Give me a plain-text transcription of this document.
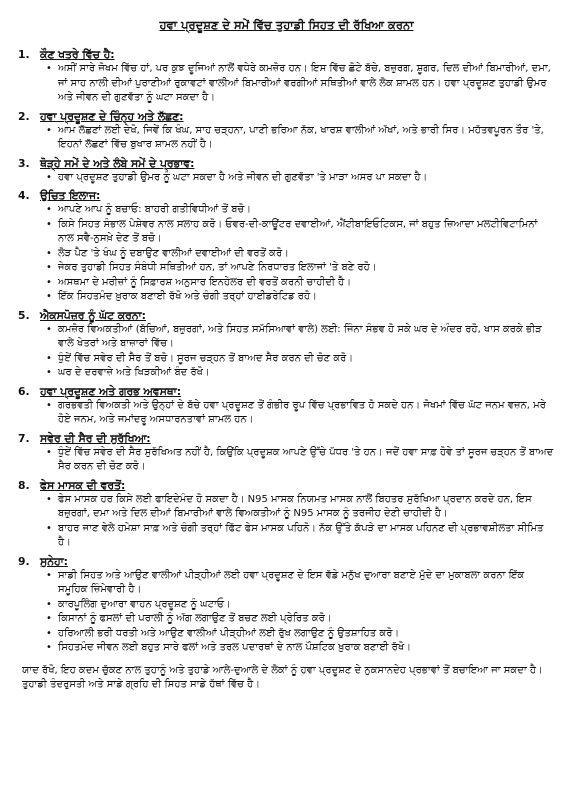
ਹਵਾ ਪ੍ਰਦੂਸ਼ਣ ਦੇ ਸਮੇਂ ਵਿੱਚ ਤੁਹਾਡੀ ਸਿਹਤ ਦੀ ਰੱਖਿਆ ਕਰਨਾ
1. ਕੌਣ ਖਤਰੇ ਵਿੱਚ ਹੈ:
• ਅਸੀਂ ਸਾਰੇ ਜੋਖਮ ਵਿੱਚ ਹਾਂ, ਪਰ ਕੁਝ ਦੂਜਿਆਂ ਨਾਲੋਂ ਵਧੇਰੇ ਕਮਜ਼ੋਰ ਹਨ। ਇਸ ਵਿੱਚ ਛੋਟੇ ਬੱਚੇ, ਬਜ਼ੁਰਗ, ਸ਼ੂਗਰ, ਦਿਲ ਦੀਆਂ ਬਿਮਾਰੀਆਂ, ਦਮਾ, ਜਾਂ ਸਾਹ ਨਾਲੀ ਦੀਆਂ ਪੁਰਾਣੀਆਂ ਰੁਕਾਵਟਾਂ ਵਾਲੀਆਂ ਬਿਮਾਰੀਆਂ ਵਰਗੀਆਂ ਸਥਿਤੀਆਂ ਵਾਲੇ ਲੋਕ ਸ਼ਾਮਲ ਹਨ। ਹਵਾ ਪ੍ਰਦੂਸ਼ਣ ਤੁਹਾਡੀ ਉਮਰ ਅਤੇ ਜੀਵਨ ਦੀ ਗੁਣਵੱਤਾ ਨੂੰ ਘਟਾ ਸਕਦਾ ਹੈ।
2. ਹਵਾ ਪ੍ਰਦੂਸ਼ਣ ਦੇ ਚਿੰਨ੍ਹ ਅਤੇ ਲੱਛਣ:
• ਆਮ ਲੱਛਣਾਂ ਲਈ ਦੇਖੋ, ਜਿਵੇਂ ਕਿ ਖੰਘ, ਸਾਹ ਚੜ੍ਹਨਾ, ਪਾਣੀ ਭਰਿਆ ਨੱਕ, ਖਾਰਸ਼ ਵਾਲੀਆਂ ਅੱਖਾਂ, ਅਤੇ ਭਾਰੀ ਸਿਰ। ਮਹੱਤਵਪੂਰਨ ਤੌਰ 'ਤੇ, ਇਹਨਾਂ ਲੱਛਣਾਂ ਵਿੱਚ ਬੁਖਾਰ ਸ਼ਾਮਲ ਨਹੀਂ ਹੈ।
3. ਥੋੜ੍ਹੇ ਸਮੇਂ ਦੇ ਅਤੇ ਲੰਬੇ ਸਮੇਂ ਦੇ ਪ੍ਰਭਾਵ:
• ਹਵਾ ਪ੍ਰਦੂਸ਼ਣ ਤੁਹਾਡੀ ਉਮਰ ਨੂੰ ਘਟਾ ਸਕਦਾ ਹੈ ਅਤੇ ਜੀਵਨ ਦੀ ਗੁਣਵੱਤਾ 'ਤੇ ਮਾੜਾ ਅਸਰ ਪਾ ਸਕਦਾ ਹੈ।
4. ਉਚਿਤ ਇਲਾਜ:
• ਆਪਣੇ ਆਪ ਨੂੰ ਬਚਾਓ: ਬਾਹਰੀ ਗਤੀਵਿਧੀਆਂ ਤੋਂ ਬਚੋ।
• ਕਿਸੇ ਸਿਹਤ ਸੰਭਾਲ ਪੇਸ਼ੇਵਰ ਨਾਲ ਸਲਾਹ ਕਰੋ। ਓਵਰ-ਦੀ-ਕਾਊਂਟਰ ਦਵਾਈਆਂ, ਐਂਟੀਬਾਇਓਟਿਕਸ, ਜਾਂ ਬਹੁਤ ਜ਼ਿਆਦਾ ਮਲਟੀਵਿਟਾਮਿਨਾਂ ਨਾਲ ਸਵੈ-ਨੁਸਖ਼ੇ ਦੇਣ ਤੋਂ ਬਚੋ।
• ਲੋੜ ਪੈਣ 'ਤੇ ਖੰਘ ਨੂੰ ਦਬਾਉਣ ਵਾਲੀਆਂ ਦਵਾਈਆਂ ਦੀ ਵਰਤੋਂ ਕਰੋ।
• ਜੇਕਰ ਤੁਹਾਡੀ ਸਿਹਤ ਸੰਬੰਧੀ ਸਥਿਤੀਆਂ ਹਨ, ਤਾਂ ਆਪਣੇ ਨਿਰਧਾਰਤ ਇਲਾਜਾਂ 'ਤੇ ਬਣੇ ਰਹੋ।
• ਅਸਥਮਾ ਦੇ ਮਰੀਜ਼ਾਂ ਨੂੰ ਸਿਫ਼ਾਰਸ਼ ਅਨੁਸਾਰ ਇਨਹੇਲਰ ਦੀ ਵਰਤੋਂ ਕਰਨੀ ਚਾਹੀਦੀ ਹੈ।
• ਇੱਕ ਸਿਹਤਮੰਦ ਖ਼ੁਰਾਕ ਬਣਾਈ ਰੱਖੋ ਅਤੇ ਚੰਗੀ ਤਰ੍ਹਾਂ ਹਾਈਡਰੇਟਿਡ ਰਹੋ।
5. ਐਕਸਪੋਜ਼ਰ ਨੂੰ ਘੱਟ ਕਰਨਾ:
• ਕਮਜ਼ੋਰ ਵਿਅਕਤੀਆਂ (ਬੱਚਿਆਂ, ਬਜ਼ੁਰਗਾਂ, ਅਤੇ ਸਿਹਤ ਸਮੱਸਿਆਵਾਂ ਵਾਲੇ) ਲਈ: ਜਿੰਨਾ ਸੰਭਵ ਹੋ ਸਕੇ ਘਰ ਦੇ ਅੰਦਰ ਰਹੋ, ਖਾਸ ਕਰਕੇ ਭੀੜ ਵਾਲੇ ਖੇਤਰਾਂ ਅਤੇ ਬਾਜ਼ਾਰਾਂ ਵਿੱਚ।
• ਧੁੰਏਂ ਵਿੱਚ ਸਵੇਰ ਦੀ ਸੈਰ ਤੋਂ ਬਚੋ। ਸੂਰਜ ਚੜ੍ਹਨ ਤੋਂ ਬਾਅਦ ਸੈਰ ਕਰਨ ਦੀ ਚੋਣ ਕਰੋ।
• ਘਰ ਦੇ ਦਰਵਾਜ਼ੇ ਅਤੇ ਖਿੜਕੀਆਂ ਬੰਦ ਰੱਖੋ।
6. ਹਵਾ ਪ੍ਰਦੂਸ਼ਣ ਅਤੇ ਗਰਭ ਅਵਸਥਾ:
• ਗਰਭਵਤੀ ਵਿਅਕਤੀ ਅਤੇ ਉਨ੍ਹਾਂ ਦੇ ਬੱਚੇ ਹਵਾ ਪ੍ਰਦੂਸ਼ਣ ਤੋਂ ਗੰਭੀਰ ਰੂਪ ਵਿੱਚ ਪ੍ਰਭਾਵਿਤ ਹੋ ਸਕਦੇ ਹਨ। ਜੋਖਮਾਂ ਵਿੱਚ ਘੱਟ ਜਨਮ ਵਜ਼ਨ, ਮਰੇ ਹੋਏ ਜਨਮ, ਅਤੇ ਜਮਾਂਦਰੂ ਅਸਧਾਰਨਤਾਵਾਂ ਸ਼ਾਮਲ ਹਨ।
7. ਸਵੇਰ ਦੀ ਸੈਰ ਦੀ ਸੁਰੱਖਿਆ:
• ਧੁੰਏਂ ਵਿੱਚ ਸਵੇਰ ਦੀ ਸੈਰ ਸੁਰੱਖਿਅਤ ਨਹੀਂ ਹੈ, ਕਿਉਂਕਿ ਪ੍ਰਦੂਸ਼ਕ ਆਪਣੇ ਉੱਚੇ ਪੱਧਰ 'ਤੇ ਹਨ। ਜਦੋਂ ਹਵਾ ਸਾਫ਼ ਹੋਵੇ ਤਾਂ ਸੂਰਜ ਚੜ੍ਹਨ ਤੋਂ ਬਾਅਦ ਸੈਰ ਕਰਨ ਦੀ ਚੋਣ ਕਰੋ।
8. ਫੇਸ ਮਾਸਕ ਦੀ ਵਰਤੋਂ:
• ਫੇਸ ਮਾਸਕ ਹਰ ਕਿਸੇ ਲਈ ਫਾਇਦੇਮੰਦ ਹੋ ਸਕਦਾ ਹੈ। N95 ਮਾਸਕ ਨਿਯਮਤ ਮਾਸਕ ਨਾਲੋਂ ਬਿਹਤਰ ਸੁਰੱਖਿਆ ਪ੍ਰਦਾਨ ਕਰਦੇ ਹਨ, ਇਸ ਬਜ਼ੁਰਗਾਂ, ਦਮਾ ਅਤੇ ਦਿਲ ਦੀਆਂ ਬਿਮਾਰੀਆਂ ਵਾਲੇ ਵਿਅਕਤੀਆਂ ਨੂੰ N95 ਮਾਸਕ ਨੂੰ ਤਰਜੀਹ ਦੇਣੀ ਚਾਹੀਦੀ ਹੈ।
• ਬਾਹਰ ਜਾਣ ਵੇਲੇ ਹਮੇਸ਼ਾ ਸਾਫ਼ ਅਤੇ ਚੰਗੀ ਤਰ੍ਹਾਂ ਫਿੱਟ ਫੇਸ ਮਾਸਕ ਪਹਿਨੋ। ਨੱਕ ਉੱਤੇ ਕੱਪੜੇ ਦਾ ਮਾਸਕ ਪਹਿਨਣ ਦੀ ਪ੍ਰਭਾਵਸ਼ੀਲਤਾ ਸੀਮਿਤ ਹੈ।
9. ਸੁਨੇਹਾ:
• ਸਾਡੀ ਸਿਹਤ ਅਤੇ ਆਉਣ ਵਾਲੀਆਂ ਪੀੜ੍ਹੀਆਂ ਲਈ ਹਵਾ ਪ੍ਰਦੂਸ਼ਣ ਦੇ ਇਸ ਵੱਡੇ ਮਨੁੱਖ ਦੁਆਰਾ ਬਣਾਏ ਮੁੱਦੇ ਦਾ ਮੁਕਾਬਲਾ ਕਰਨਾ ਇੱਕ ਸਮੂਹਿਕ ਜ਼ਿੰਮੇਵਾਰੀ ਹੈ।
• ਕਾਰਪੂਲਿੰਗ ਦੁਆਰਾ ਵਾਹਨ ਪ੍ਰਦੂਸ਼ਣ ਨੂੰ ਘਟਾਓ।
• ਕਿਸਾਨਾਂ ਨੂੰ ਫਸਲਾਂ ਦੀ ਪਰਾਲੀ ਨੂੰ ਅੱਗ ਲਗਾਉਣ ਤੋਂ ਬਚਣ ਲਈ ਪ੍ਰੇਰਿਤ ਕਰੋ।
• ਹਰਿਆਲੀ ਭਰੀ ਧਰਤੀ ਅਤੇ ਆਉਣ ਵਾਲੀਆਂ ਪੀੜ੍ਹੀਆਂ ਲਈ ਰੁੱਖ ਲਗਾਉਣ ਨੂੰ ਉਤਸ਼ਾਹਿਤ ਕਰੋ।
• ਸਿਹਤਮੰਦ ਜੀਵਨ ਲਈ ਬਹੁਤ ਸਾਰੇ ਫਲਾਂ ਅਤੇ ਤਰਲ ਪਦਾਰਥਾਂ ਦੇ ਨਾਲ ਪੌਸ਼ਟਿਕ ਖ਼ੁਰਾਕ ਬਣਾਈ ਰੱਖੋ।
ਯਾਦ ਰੱਖੋ, ਇਹ ਕਦਮ ਚੁੱਕਣ ਨਾਲ ਤੁਹਾਨੂੰ ਅਤੇ ਤੁਹਾਡੇ ਆਲੇ-ਦੁਆਲੇ ਦੇ ਲੋਕਾਂ ਨੂੰ ਹਵਾ ਪ੍ਰਦੂਸ਼ਣ ਦੇ ਨੁਕਸਾਨਦੇਹ ਪ੍ਰਭਾਵਾਂ ਤੋਂ ਬਚਾਇਆ ਜਾ ਸਕਦਾ ਹੈ। ਤੁਹਾਡੀ ਤੰਦਰੁਸਤੀ ਅਤੇ ਸਾਡੇ ਗ੍ਰਹਿ ਦੀ ਸਿਹਤ ਸਾਡੇ ਹੱਥਾਂ ਵਿੱਚ ਹੈ।
